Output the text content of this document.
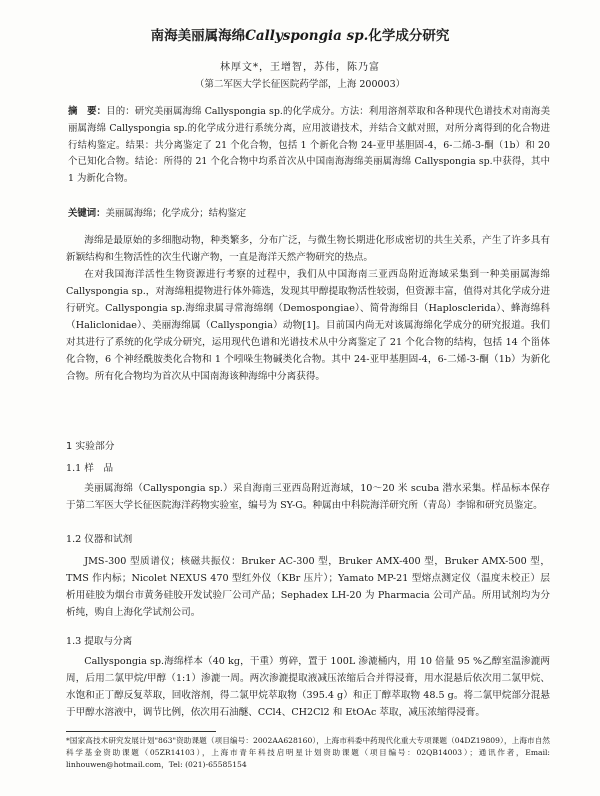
南海美丽属海绵Callyspongia sp.化学成分研究
林厚文*，王增智，苏伟，陈乃富
（第二军医大学长征医院药学部，上海 200003）
摘　要：目的：研究美丽属海绵 Callyspongia sp.的化学成分。方法：利用溶剂萃取和各种现代色谱技术对南海美丽属海绵 Callyspongia sp.的化学成分进行系统分离，应用波谱技术，并结合文献对照，对所分离得到的化合物进行结构鉴定。结果：共分离鉴定了 21 个化合物，包括 1 个新化合物 24-亚甲基胆固-4，6-二烯-3-酮（1b）和 20 个已知化合物。结论：所得的 21 个化合物中均系首次从中国南海海绵美丽属海绵 Callyspongia sp.中获得，其中 1 为新化合物。
关键词：美丽属海绵；化学成分；结构鉴定

海绵是最原始的多细胞动物，种类繁多，分布广泛，与微生物长期进化形成密切的共生关系，产生了许多具有新颖结构和生物活性的次生代谢产物，一直是海洋天然产物研究的热点。

在对我国海洋活性生物资源进行考察的过程中，我们从中国海南三亚西岛附近海域采集到一种美丽属海绵 Callyspongia sp.，对海绵粗提物进行体外筛选，发现其甲醇提取物活性较弱，但资源丰富，值得对其化学成分进行研究。Callyspongia sp.海绵隶属寻常海绵纲（Demospongiae）、简骨海绵目（Haplosclerida）、蜂海绵科（Haliclonidae）、美丽海绵属（Callyspongia）动物[1]。目前国内尚无对该属海绵化学成分的研究报道。我们对其进行了系统的化学成分研究，运用现代色谱和光谱技术从中分离鉴定了 21 个化合物的结构，包括 14 个甾体化合物，6 个神经酰胺类化合物和 1 个吲哚生物碱类化合物。其中 24-亚甲基胆固-4，6-二烯-3-酮（1b）为新化合物。所有化合物均为首次从中国南海该种海绵中分离获得。

1 实验部分
1.1 样　品

美丽属海绵（Callyspongia sp.）采自海南三亚西岛附近海域，10～20 米 scuba 潜水采集。样品标本保存于第二军医大学长征医院海洋药物实验室，编号为 SY-G。种属由中科院海洋研究所（青岛）李锦和研究员鉴定。

1.2 仪器和试剂

JMS-300 型质谱仪；核磁共振仪：Bruker AC-300 型，Bruker AMX-400 型，Bruker AMX-500 型，TMS 作内标；Nicolet NEXUS 470 型红外仪（KBr 压片）；Yamato MP-21 型熔点测定仪（温度未校正）层析用硅胶为烟台市黄务硅胶开发试验厂公司产品；Sephadex LH-20 为 Pharmacia 公司产品。所用试剂均为分析纯，购自上海化学试剂公司。

1.3 提取与分离

Callyspongia sp.海绵样本（40 kg，干重）剪碎，置于 100L 渗漉桶内，用 10 倍量 95 %乙醇室温渗漉两周，后用二氯甲烷/甲醇（1:1）渗漉一周。两次渗漉提取液减压浓缩后合并得浸膏，用水混悬后依次用二氯甲烷、水饱和正丁醇反复萃取，回收溶剂，得二氯甲烷萃取物（395.4 g）和正丁醇萃取物 48.5 g。将二氯甲烷部分混悬于甲醇水溶液中，调节比例，依次用石油醚、CCl4、CH2Cl2 和 EtOAc 萃取，减压浓缩得浸膏。

*国家高技术研究发展计划"863"资助课题（项目编号：2002AA628160），上海市科委中药现代化重大专项课题（04DZ19809），上海市自然科学基金资助课题（05ZR14103），上海市青年科技启明星计划资助课题（项目编号：02QB14003）；通讯作者，Email: linhouwen@hotmail.com，Tel: (021)-65585154
